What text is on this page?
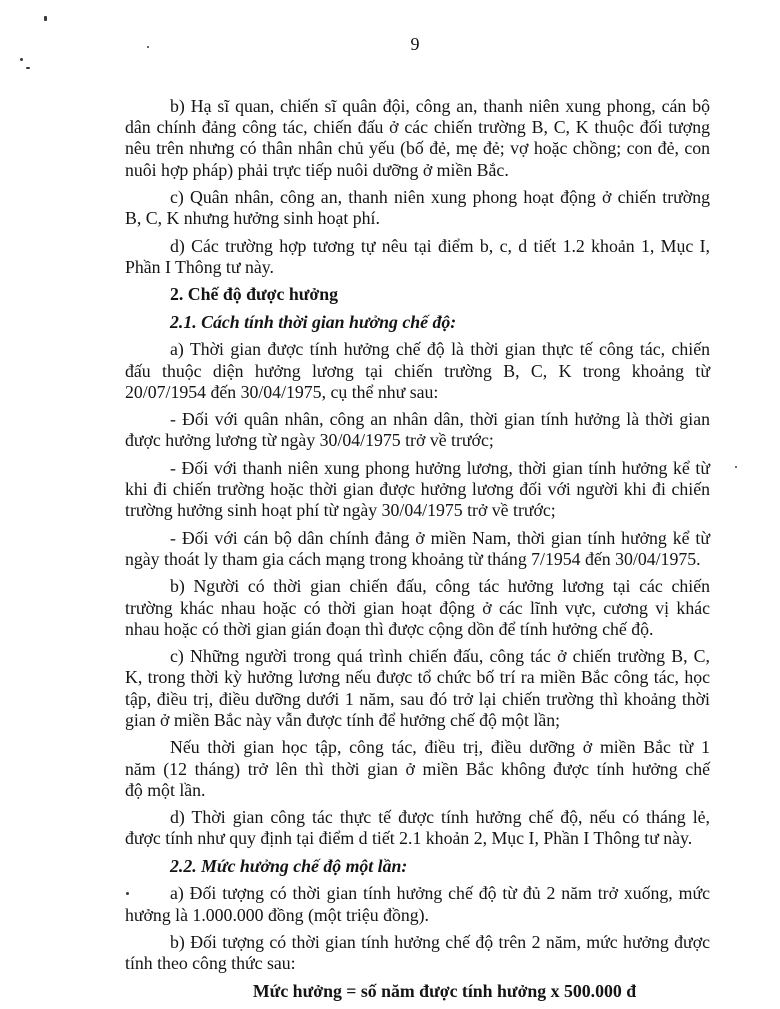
9
b) Hạ sĩ quan, chiến sĩ quân đội, công an, thanh niên xung phong, cán bộ
dân chính đảng công tác, chiến đấu ở các chiến trường B, C, K thuộc đối tượng
nêu trên nhưng có thân nhân chủ yếu (bố đẻ, mẹ đẻ; vợ hoặc chồng; con đẻ, con
nuôi hợp pháp) phải trực tiếp nuôi dưỡng ở miền Bắc.
c) Quân nhân, công an, thanh niên xung phong hoạt động ở chiến trường
B, C, K nhưng hưởng sinh hoạt phí.
d) Các trường hợp tương tự nêu tại điểm b, c, d tiết 1.2 khoản 1, Mục I,
Phần I Thông tư này.
2. Chế độ được hưởng
2.1. Cách tính thời gian hưởng chế độ:
a) Thời gian được tính hưởng chế độ là thời gian thực tế công tác, chiến
đấu thuộc diện hưởng lương tại chiến trường B, C, K trong khoảng từ
20/07/1954 đến 30/04/1975, cụ thể như sau:
- Đối với quân nhân, công an nhân dân, thời gian tính hưởng là thời gian
được hưởng lương từ ngày 30/04/1975 trở về trước;
- Đối với thanh niên xung phong hưởng lương, thời gian tính hưởng kể từ
khi đi chiến trường hoặc thời gian được hưởng lương đối với người khi đi chiến
trường hưởng sinh hoạt phí từ ngày 30/04/1975 trở về trước;
- Đối với cán bộ dân chính đảng ở miền Nam, thời gian tính hưởng kể từ
ngày thoát ly tham gia cách mạng trong khoảng từ tháng 7/1954 đến 30/04/1975.
b) Người có thời gian chiến đấu, công tác hưởng lương tại các chiến
trường khác nhau hoặc có thời gian hoạt động ở các lĩnh vực, cương vị khác
nhau hoặc có thời gian gián đoạn thì được cộng dồn để tính hưởng chế độ.
c) Những người trong quá trình chiến đấu, công tác ở chiến trường B, C,
K, trong thời kỳ hưởng lương nếu được tổ chức bố trí ra miền Bắc công tác, học
tập, điều trị, điều dưỡng dưới 1 năm, sau đó trở lại chiến trường thì khoảng thời
gian ở miền Bắc này vẫn được tính để hưởng chế độ một lần;
Nếu thời gian học tập, công tác, điều trị, điều dưỡng ở miền Bắc từ 1
năm (12 tháng) trở lên thì thời gian ở miền Bắc không được tính hưởng chế
độ một lần.
d) Thời gian công tác thực tế được tính hưởng chế độ, nếu có tháng lẻ,
được tính như quy định tại điểm d tiết 2.1 khoản 2, Mục I, Phần I Thông tư này.
2.2. Mức hưởng chế độ một lần:
a) Đối tượng có thời gian tính hưởng chế độ từ đủ 2 năm trở xuống, mức
hưởng là 1.000.000 đồng (một triệu đồng).
b) Đối tượng có thời gian tính hưởng chế độ trên 2 năm, mức hưởng được
tính theo công thức sau:
Mức hưởng = số năm được tính hưởng x 500.000 đ
